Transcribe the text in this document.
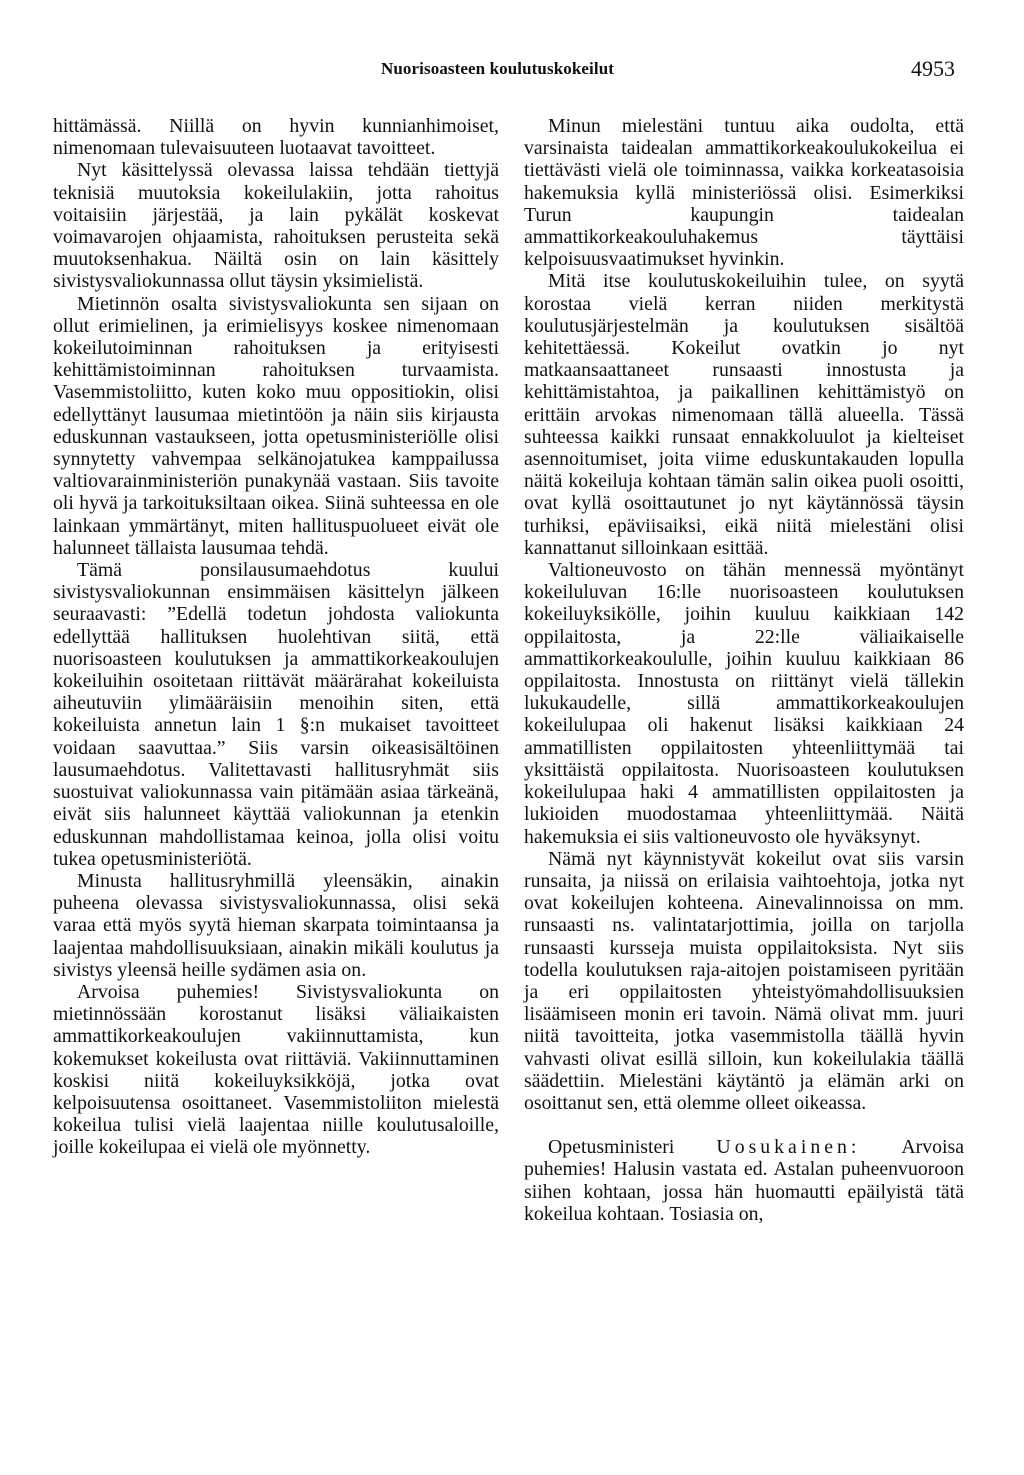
Nuorisoasteen koulutuskokeilut	4953

hittämässä. Niillä on hyvin kunnianhimoiset, nimenomaan tulevaisuuteen luotaavat tavoitteet.

Nyt käsittelyssä olevassa laissa tehdään tiettyjä teknisiä muutoksia kokeilulakiin, jotta rahoitus voitaisiin järjestää, ja lain pykälät koskevat voimavarojen ohjaamista, rahoituksen perusteita sekä muutoksenhakua. Näiltä osin on lain käsittely sivistysvaliokunnassa ollut täysin yksimielistä.

Mietinnön osalta sivistysvaliokunta sen sijaan on ollut erimielinen, ja erimielisyys koskee nimenomaan kokeilutoiminnan rahoituksen ja erityisesti kehittämistoiminnan rahoituksen turvaamista. Vasemmistoliitto, kuten koko muu oppositiokin, olisi edellyttänyt lausumaa mietintöön ja näin siis kirjausta eduskunnan vastaukseen, jotta opetusministeriölle olisi synnytetty vahvempaa selkänojatukea kamppailussa valtiovarainministeriön punakynää vastaan. Siis tavoite oli hyvä ja tarkoituksiltaan oikea. Siinä suhteessa en ole lainkaan ymmärtänyt, miten hallituspuolueet eivät ole halunneet tällaista lausumaa tehdä.

Tämä ponsilausumaehdotus kuului sivistysvaliokunnan ensimmäisen käsittelyn jälkeen seuraavasti: ”Edellä todetun johdosta valiokunta edellyttää hallituksen huolehtivan siitä, että nuorisoasteen koulutuksen ja ammattikorkeakoulujen kokeiluihin osoitetaan riittävät määrärahat kokeiluista aiheutuviin ylimääräisiin menoihin siten, että kokeiluista annetun lain 1 §:n mukaiset tavoitteet voidaan saavuttaa.” Siis varsin oikeasisältöinen lausumaehdotus. Valitettavasti hallitusryhmät siis suostuivat valiokunnassa vain pitämään asiaa tärkeänä, eivät siis halunneet käyttää valiokunnan ja etenkin eduskunnan mahdollistamaa keinoa, jolla olisi voitu tukea opetusministeriötä.

Minusta hallitusryhmillä yleensäkin, ainakin puheena olevassa sivistysvaliokunnassa, olisi sekä varaa että myös syytä hieman skarpata toimintaansa ja laajentaa mahdollisuuksiaan, ainakin mikäli koulutus ja sivistys yleensä heille sydämen asia on.

Arvoisa puhemies! Sivistysvaliokunta on mietinnössään korostanut lisäksi väliaikaisten ammattikorkeakoulujen vakiinnuttamista, kun kokemukset kokeilusta ovat riittäviä. Vakiinnuttaminen koskisi niitä kokeiluyksikköjä, jotka ovat kelpoisuutensa osoittaneet. Vasemmistoliiton mielestä kokeilua tulisi vielä laajentaa niille koulutusaloille, joille kokeilupaa ei vielä ole myönnetty.

Minun mielestäni tuntuu aika oudolta, että varsinaista taidealan ammattikorkeakoulukokeilua ei tiettävästi vielä ole toiminnassa, vaikka korkeatasoisia hakemuksia kyllä ministeriössä olisi. Esimerkiksi Turun kaupungin taidealan ammattikorkeakouluhakemus täyttäisi kelpoisuusvaatimukset hyvinkin.

Mitä itse koulutuskokeiluihin tulee, on syytä korostaa vielä kerran niiden merkitystä koulutusjärjestelmän ja koulutuksen sisältöä kehitettäessä. Kokeilut ovatkin jo nyt matkaansaattaneet runsaasti innostusta ja kehittämistahtoa, ja paikallinen kehittämistyö on erittäin arvokas nimenomaan tällä alueella. Tässä suhteessa kaikki runsaat ennakkoluulot ja kielteiset asennoitumiset, joita viime eduskuntakauden lopulla näitä kokeiluja kohtaan tämän salin oikea puoli osoitti, ovat kyllä osoittautunet jo nyt käytännössä täysin turhiksi, epäviisaiksi, eikä niitä mielestäni olisi kannattanut silloinkaan esittää.

Valtioneuvosto on tähän mennessä myöntänyt kokeiluluvan 16:lle nuorisoasteen koulutuksen kokeiluyksikölle, joihin kuuluu kaikkiaan 142 oppilaitosta, ja 22:lle väliaikaiselle ammattikorkeakoululle, joihin kuuluu kaikkiaan 86 oppilaitosta. Innostusta on riittänyt vielä tällekin lukukaudelle, sillä ammattikorkeakoulujen kokeilulupaa oli hakenut lisäksi kaikkiaan 24 ammatillisten oppilaitosten yhteenliittymää tai yksittäistä oppilaitosta. Nuorisoasteen koulutuksen kokeilulupaa haki 4 ammatillisten oppilaitosten ja lukioiden muodostamaa yhteenliittymää. Näitä hakemuksia ei siis valtioneuvosto ole hyväksynyt.

Nämä nyt käynnistyvät kokeilut ovat siis varsin runsaita, ja niissä on erilaisia vaihtoehtoja, jotka nyt ovat kokeilujen kohteena. Ainevalinnoissa on mm. runsaasti ns. valintatarjottimia, joilla on tarjolla runsaasti kursseja muista oppilaitoksista. Nyt siis todella koulutuksen raja-aitojen poistamiseen pyritään ja eri oppilaitosten yhteistyömahdollisuuksien lisäämiseen monin eri tavoin. Nämä olivat mm. juuri niitä tavoitteita, jotka vasemmistolla täällä hyvin vahvasti olivat esillä silloin, kun kokeilulakia täällä säädettiin. Mielestäni käytäntö ja elämän arki on osoittanut sen, että olemme olleet oikeassa.

Opetusministeri Uosukainen: Arvoisa puhemies! Halusin vastata ed. Astalan puheenvuoroon siihen kohtaan, jossa hän huomautti epäilyistä tätä kokeilua kohtaan. Tosiasia on,
